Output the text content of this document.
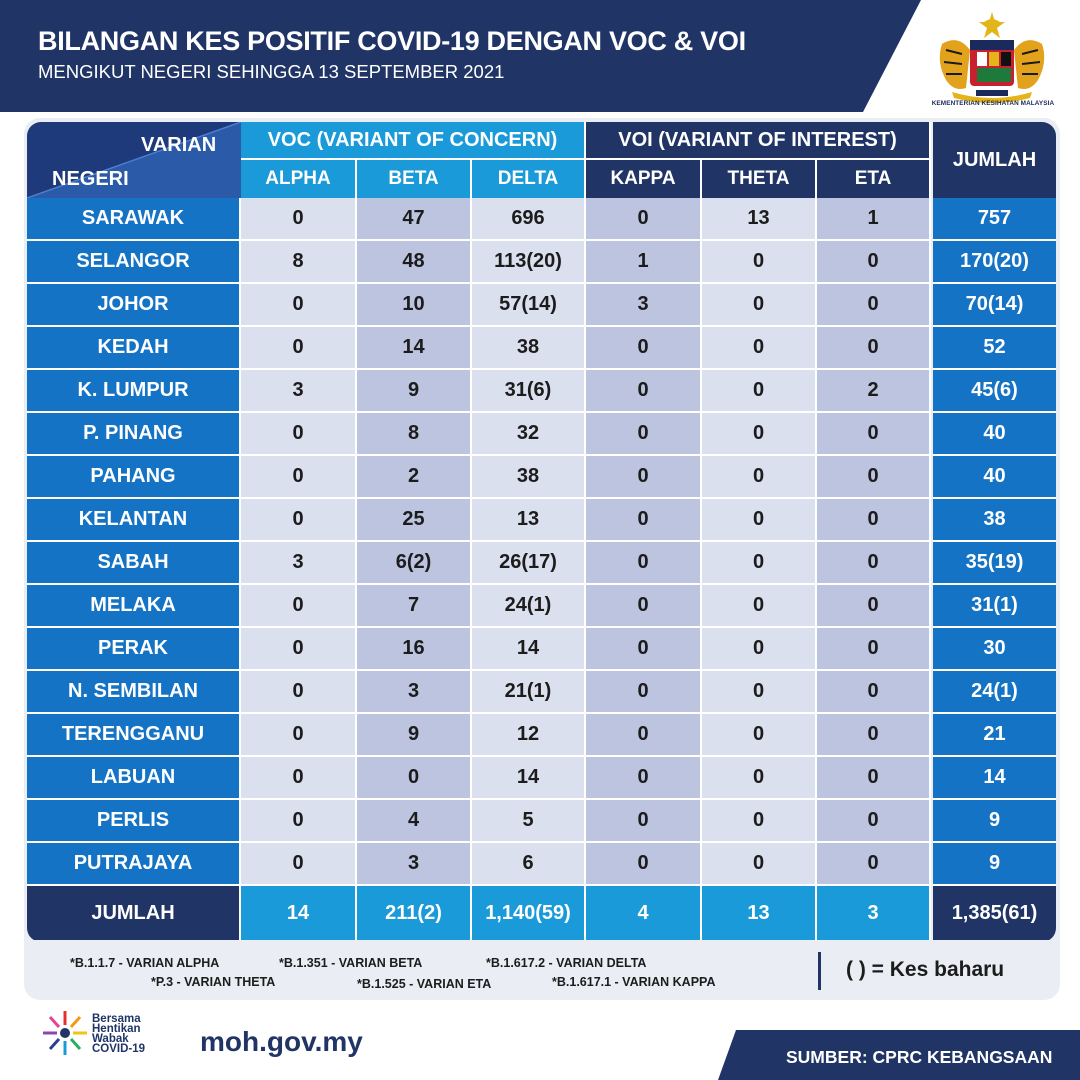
BILANGAN KES POSITIF COVID-19 DENGAN VOC & VOI
MENGIKUT NEGERI SEHINGGA 13 SEPTEMBER 2021
KEMENTERIAN KESIHATAN MALAYSIA
VARIAN
NEGERI
VOC (VARIANT OF CONCERN)	VOI (VARIANT OF INTEREST)
JUMLAH
ALPHA	BETA	DELTA	KAPPA	THETA	ETA
SARAWAK	0	47	696	0	13	1	757
SELANGOR	8	48	113(20)	1	0	0	170(20)
JOHOR	0	10	57(14)	3	0	0	70(14)
KEDAH	0	14	38	0	0	0	52
K. LUMPUR	3	9	31(6)	0	0	2	45(6)
P. PINANG	0	8	32	0	0	0	40
PAHANG	0	2	38	0	0	0	40
KELANTAN	0	25	13	0	0	0	38
SABAH	3	6(2)	26(17)	0	0	0	35(19)
MELAKA	0	7	24(1)	0	0	0	31(1)
PERAK	0	16	14	0	0	0	30
N. SEMBILAN	0	3	21(1)	0	0	0	24(1)
TERENGGANU	0	9	12	0	0	0	21
LABUAN	0	0	14	0	0	0	14
PERLIS	0	4	5	0	0	0	9
PUTRAJAYA	0	3	6	0	0	0	9
JUMLAH	14	211(2)	1,140(59)	4	13	3	1,385(61)
*B.1.1.7 - VARIAN ALPHA	*B.1.351 - VARIAN BETA	*B.1.617.2 - VARIAN DELTA
*P.3 - VARIAN THETA	*B.1.525 - VARIAN ETA	*B.1.617.1 - VARIAN KAPPA
( ) = Kes baharu
Bersama
Hentikan
Wabak
COVID-19 moh.gov.my	SUMBER: CPRC KEBANGSAAN
